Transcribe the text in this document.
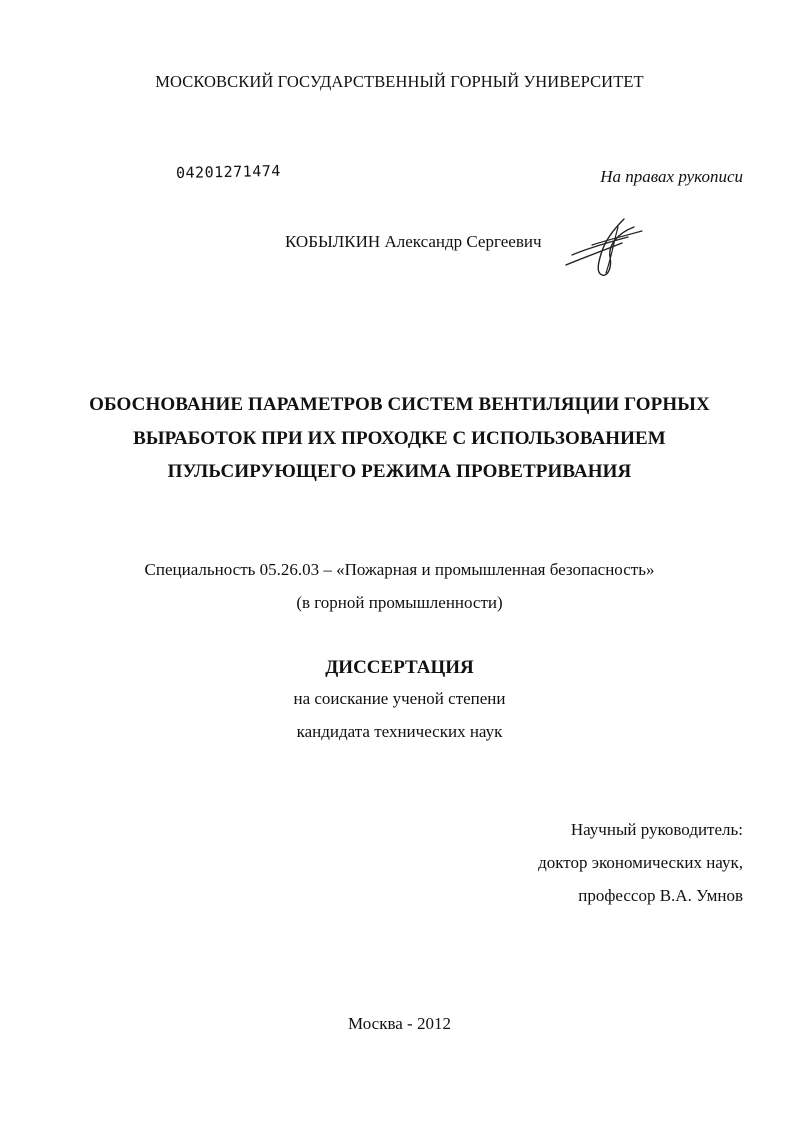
МОСКОВСКИЙ ГОСУДАРСТВЕННЫЙ ГОРНЫЙ УНИВЕРСИТЕТ
04201271474	На правах рукописи
КОБЫЛКИН Александр Сергеевич
ОБОСНОВАНИЕ ПАРАМЕТРОВ СИСТЕМ ВЕНТИЛЯЦИИ ГОРНЫХ
ВЫРАБОТОК ПРИ ИХ ПРОХОДКЕ С ИСПОЛЬЗОВАНИЕМ
ПУЛЬСИРУЮЩЕГО РЕЖИМА ПРОВЕТРИВАНИЯ
Специальность 05.26.03 – «Пожарная и промышленная безопасность»
(в горной промышленности)
ДИССЕРТАЦИЯ
на соискание ученой степени
кандидата технических наук
Научный руководитель:
доктор экономических наук,
профессор В.А. Умнов
Москва - 2012
